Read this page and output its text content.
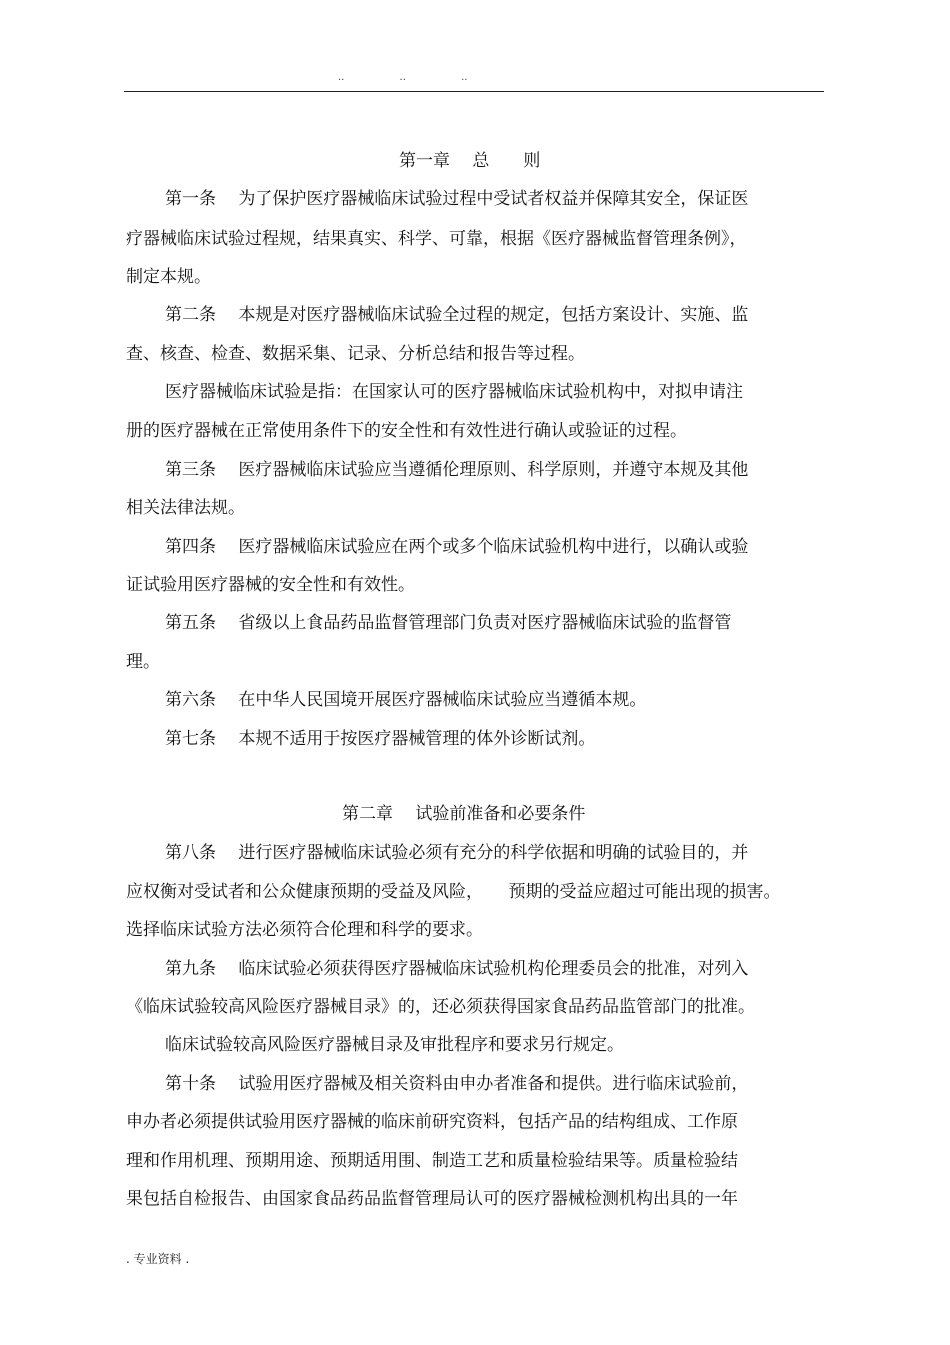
..	..	..
第一章　 总　　则
第一条　 为了保护医疗器械临床试验过程中受试者权益并保障其安全，保证医
疗器械临床试验过程规，结果真实、科学、可靠，根据《医疗器械监督管理条例》，
制定本规。
第二条　 本规是对医疗器械临床试验全过程的规定，包括方案设计、实施、监
查、核查、检查、数据采集、记录、分析总结和报告等过程。
医疗器械临床试验是指：在国家认可的医疗器械临床试验机构中，对拟申请注
册的医疗器械在正常使用条件下的安全性和有效性进行确认或验证的过程。
第三条　 医疗器械临床试验应当遵循伦理原则、科学原则，并遵守本规及其他
相关法律法规。
第四条　 医疗器械临床试验应在两个或多个临床试验机构中进行，以确认或验
证试验用医疗器械的安全性和有效性。
第五条　 省级以上食品药品监督管理部门负责对医疗器械临床试验的监督管
理。
第六条　 在中华人民国境开展医疗器械临床试验应当遵循本规。
第七条　 本规不适用于按医疗器械管理的体外诊断试剂。
第二章　 试验前准备和必要条件
第八条　 进行医疗器械临床试验必须有充分的科学依据和明确的试验目的，并
应权衡对受试者和公众健康预期的受益及风险，　　预期的受益应超过可能出现的损害。
选择临床试验方法必须符合伦理和科学的要求。
第九条　 临床试验必须获得医疗器械临床试验机构伦理委员会的批准，对列入
《临床试验较高风险医疗器械目录》的，还必须获得国家食品药品监管部门的批准。
临床试验较高风险医疗器械目录及审批程序和要求另行规定。
第十条　 试验用医疗器械及相关资料由申办者准备和提供。进行临床试验前，
申办者必须提供试验用医疗器械的临床前研究资料，包括产品的结构组成、工作原
理和作用机理、预期用途、预期适用围、制造工艺和质量检验结果等。质量检验结
果包括自检报告、由国家食品药品监督管理局认可的医疗器械检测机构出具的一年
. 专业资料 .
